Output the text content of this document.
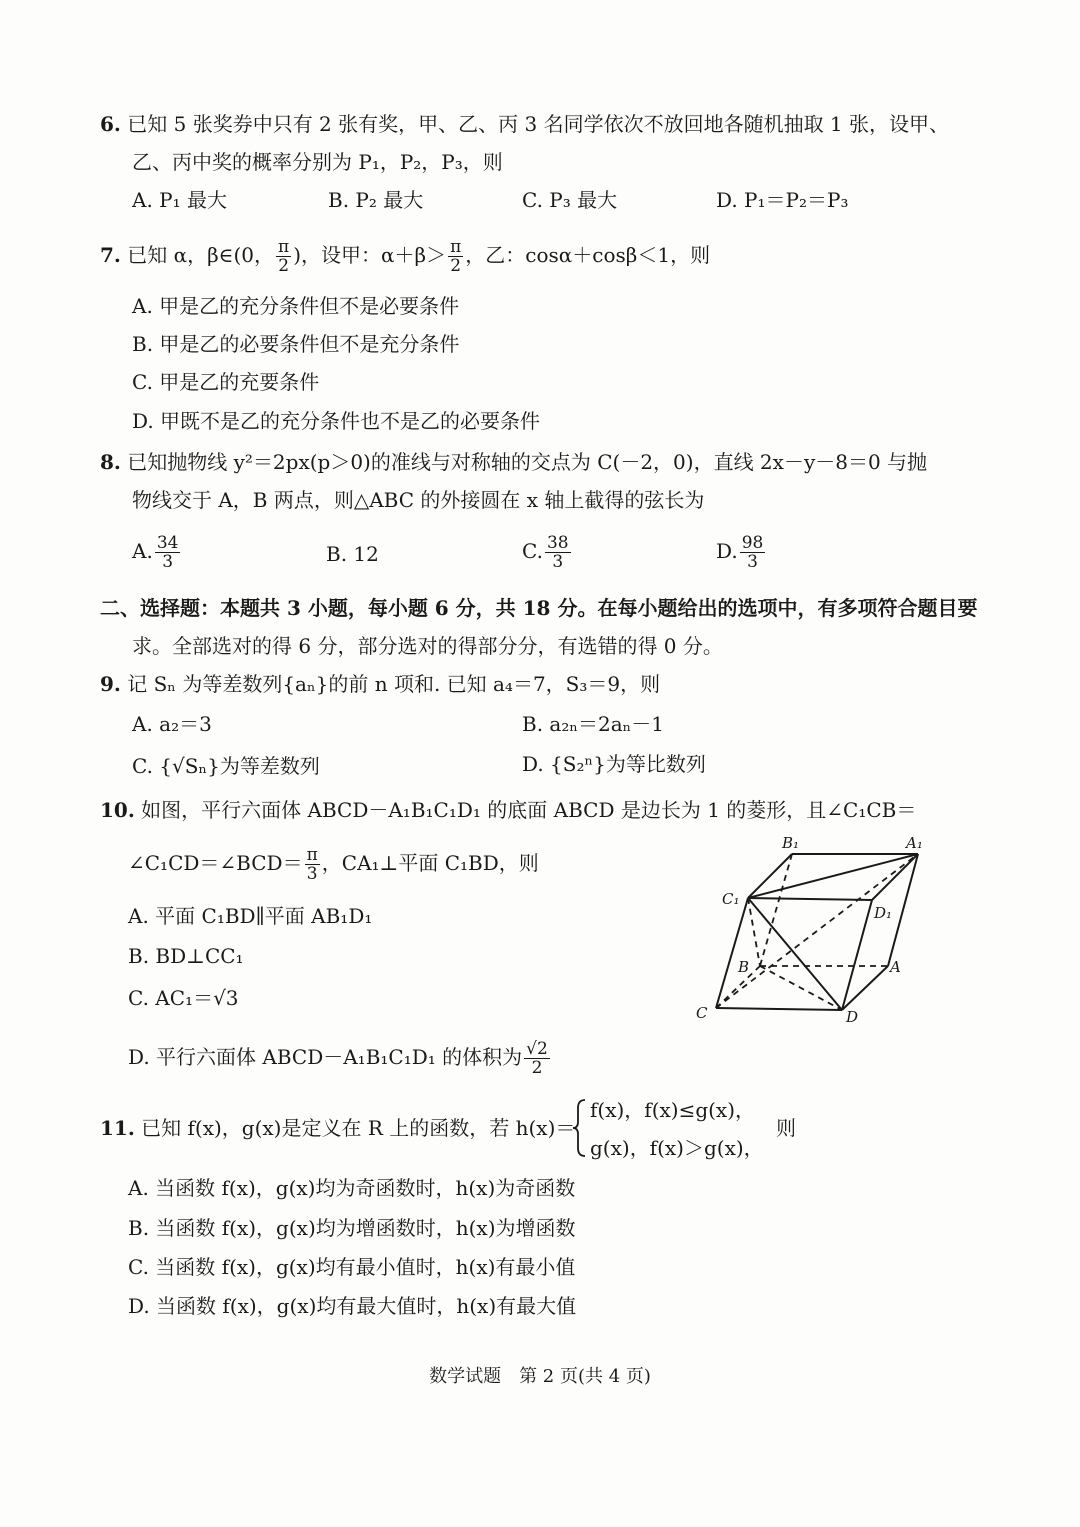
6. 已知 5 张奖券中只有 2 张有奖，甲、乙、丙 3 名同学依次不放回地各随机抽取 1 张，设甲、
乙、丙中奖的概率分别为 P₁，P₂，P₃，则
A. P₁ 最大	B. P₂ 最大	C. P₃ 最大	D. P₁＝P₂＝P₃
7. 已知 α，β∈(0， $\frac{\pi}{2}$ )，设甲：$\alpha+\beta> \frac{\pi}{2}$ ，乙：cosα＋cosβ＜1，则
A. 甲是乙的充分条件但不是必要条件
B. 甲是乙的必要条件但不是充分条件
C. 甲是乙的充要条件
D. 甲既不是乙的充分条件也不是乙的必要条件
8. 已知抛物线 y²＝2px(p＞0)的准线与对称轴的交点为 C(－2，0)，直线 2x－y－8＝0 与抛
物线交于 A，B 两点，则△ABC 的外接圆在 x 轴上截得的弦长为
A. $\frac{34}{3}$	B. 12	C. $\frac{38}{3}$	D. $\frac{98}{3}$
二、选择题：本题共 3 小题，每小题 6 分，共 18 分。在每小题给出的选项中，有多项符合题目要
求。全部选对的得 6 分，部分选对的得部分分，有选错的得 0 分。
9. 记 Sₙ 为等差数列{aₙ}的前 n 项和. 已知 a₄＝7，S₃＝9，则
A. a₂＝3	B. a₂ₙ＝2aₙ－1
C. {√Sₙ}为等差数列	D. {S₂ⁿ}为等比数列
10. 如图，平行六面体 ABCD－A₁B₁C₁D₁ 的底面 ABCD 是边长为 1 的菱形，且∠C₁CB＝
∠C₁CD＝∠BCD＝ $\frac{\pi}{3}$ ，CA₁⊥平面 C₁BD，则
A. 平面 C₁BD∥平面 AB₁D₁
B. BD⊥CC₁
C. AC₁＝√3
D. 平行六面体 ABCD－A₁B₁C₁D₁ 的体积为 $\frac{√2}{2}$
B₁	A₁
C₁
D₁
B	A
C	D
11. 已知 f(x)，g(x)是定义在 R 上的函数，若 h(x)＝
f(x)，f(x)≤g(x)，
g(x)，f(x)＞g(x)，
则
A. 当函数 f(x)，g(x)均为奇函数时，h(x)为奇函数
B. 当函数 f(x)，g(x)均为增函数时，h(x)为增函数
C. 当函数 f(x)，g(x)均有最小值时，h(x)有最小值
D. 当函数 f(x)，g(x)均有最大值时，h(x)有最大值
数学试题　第 2 页(共 4 页)
